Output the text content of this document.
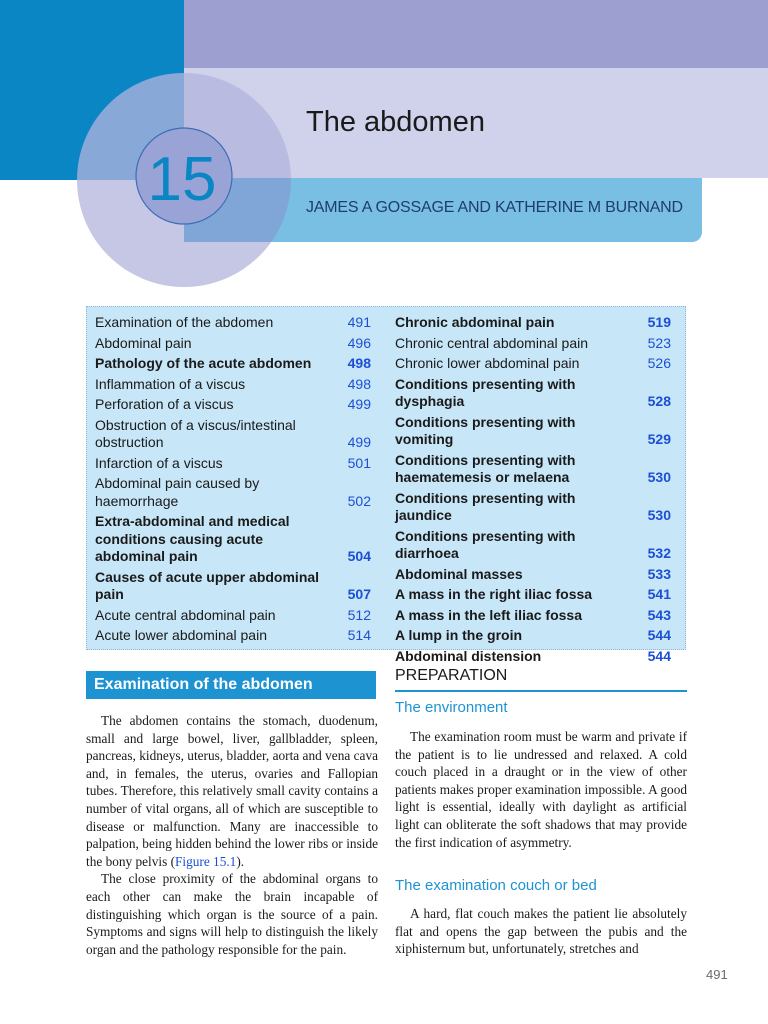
15
The abdomen
JAMES A GOSSAGE AND KATHERINE M BURNAND
Examination of the abdomen	491
Abdominal pain	496
Pathology of the acute abdomen	498
Inflammation of a viscus	498
Perforation of a viscus	499
Obstruction of a viscus/intestinal obstruction	499
Infarction of a viscus	501
Abdominal pain caused by haemorrhage	502
Extra-abdominal and medical conditions causing acute abdominal pain	504
Causes of acute upper abdominal pain	507
Acute central abdominal pain	512
Acute lower abdominal pain	514
Chronic abdominal pain	519
Chronic central abdominal pain	523
Chronic lower abdominal pain	526
Conditions presenting with dysphagia	528
Conditions presenting with vomiting	529
Conditions presenting with haematemesis or melaena	530
Conditions presenting with jaundice	530
Conditions presenting with diarrhoea	532
Abdominal masses	533
A mass in the right iliac fossa	541
A mass in the left iliac fossa	543
A lump in the groin	544
Abdominal distension	544
Examination of the abdomen

The abdomen contains the stomach, duodenum, small and large bowel, liver, gallbladder, spleen, pancreas, kidneys, uterus, bladder, aorta and vena cava and, in females, the uterus, ovaries and Fallopian tubes. Therefore, this relatively small cavity contains a number of vital organs, all of which are susceptible to disease or malfunction. Many are inaccessible to palpation, being hidden behind the lower ribs or inside the bony pelvis (Figure 15.1).

The close proximity of the abdominal organs to each other can make the brain incapable of distinguishing which organ is the source of a pain. Symptoms and signs will help to distinguish the likely organ and the pathology responsible for the pain.

PREPARATION
The environment

The examination room must be warm and private if the patient is to lie undressed and relaxed. A cold couch placed in a draught or in the view of other patients makes proper examination impossible. A good light is essential, ideally with daylight as artificial light can obliterate the soft shadows that may provide the first indication of asymmetry.

The examination couch or bed

A hard, flat couch makes the patient lie absolutely flat and opens the gap between the pubis and the xiphisternum but, unfortunately, stretches and

491
